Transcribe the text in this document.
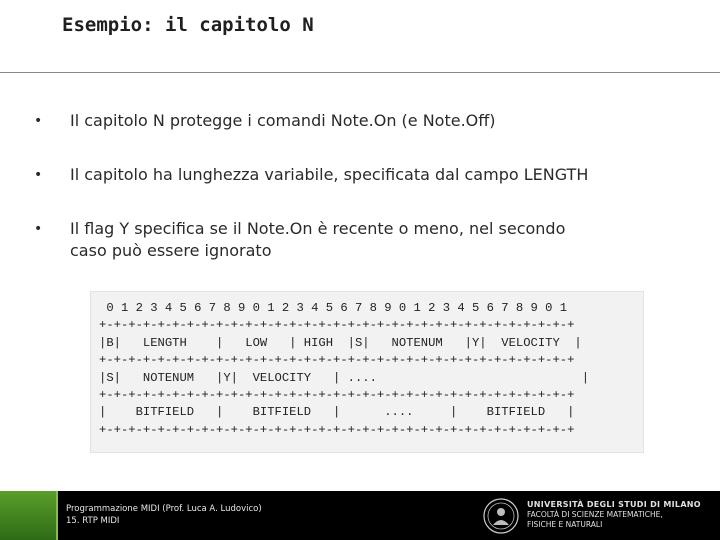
Esempio: il capitolo N
• Il capitolo N protegge i comandi Note.On (e Note.Off)
• Il capitolo ha lunghezza variabile, specificata dal campo LENGTH
• Il flag Y specifica se il Note.On è recente o meno, nel secondo
caso può essere ignorato
0 1 2 3 4 5 6 7 8 9 0 1 2 3 4 5 6 7 8 9 0 1 2 3 4 5 6 7 8 9 0 1
+-+-+-+-+-+-+-+-+-+-+-+-+-+-+-+-+-+-+-+-+-+-+-+-+-+-+-+-+-+-+-+-+
|B|   LENGTH    |   LOW   | HIGH  |S|   NOTENUM   |Y|  VELOCITY  |
+-+-+-+-+-+-+-+-+-+-+-+-+-+-+-+-+-+-+-+-+-+-+-+-+-+-+-+-+-+-+-+-+
|S|   NOTENUM   |Y|  VELOCITY   | ....                            |
+-+-+-+-+-+-+-+-+-+-+-+-+-+-+-+-+-+-+-+-+-+-+-+-+-+-+-+-+-+-+-+-+
|    BITFIELD   |    BITFIELD   |      ....     |    BITFIELD   |
+-+-+-+-+-+-+-+-+-+-+-+-+-+-+-+-+-+-+-+-+-+-+-+-+-+-+-+-+-+-+-+-+
Programmazione MIDI (Prof. Luca A. Ludovico)
15. RTP MIDI
UNIVERSITÀ DEGLI STUDI DI MILANO
FACOLTÀ DI SCIENZE MATEMATICHE,
FISICHE E NATURALI
